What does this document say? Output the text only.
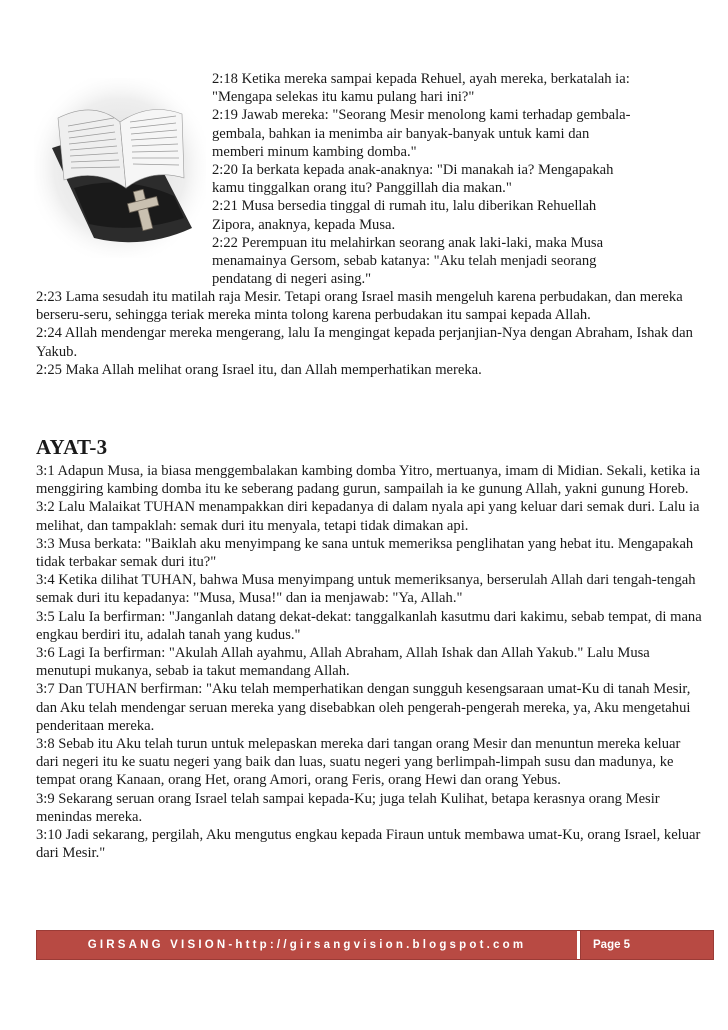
2:18 Ketika mereka sampai kepada Rehuel, ayah mereka, berkatalah ia:

"Mengapa selekas itu kamu pulang hari ini?"

2:19 Jawab mereka: "Seorang Mesir menolong kami terhadap gembala-

gembala, bahkan ia menimba air banyak-banyak untuk kami dan

memberi minum kambing domba."

2:20 Ia berkata kepada anak-anaknya: "Di manakah ia? Mengapakah

kamu tinggalkan orang itu? Panggillah dia makan."

2:21 Musa bersedia tinggal di rumah itu, lalu diberikan Rehuellah

Zipora, anaknya, kepada Musa.

2:22 Perempuan itu melahirkan seorang anak laki-laki, maka Musa

menamainya Gersom, sebab katanya: "Aku telah menjadi seorang

pendatang di negeri asing."

2:23 Lama sesudah itu matilah raja Mesir. Tetapi orang Israel masih mengeluh karena perbudakan, dan mereka berseru-seru, sehingga teriak mereka minta tolong karena perbudakan itu sampai kepada Allah.

2:24 Allah mendengar mereka mengerang, lalu Ia mengingat kepada perjanjian-Nya dengan Abraham, Ishak dan Yakub.

2:25 Maka Allah melihat orang Israel itu, dan Allah memperhatikan mereka.

AYAT-3

3:1 Adapun Musa, ia biasa menggembalakan kambing domba Yitro, mertuanya, imam di Midian. Sekali, ketika ia menggiring kambing domba itu ke seberang padang gurun, sampailah ia ke gunung Allah, yakni gunung Horeb.

3:2 Lalu Malaikat TUHAN menampakkan diri kepadanya di dalam nyala api yang keluar dari semak duri. Lalu ia melihat, dan tampaklah: semak duri itu menyala, tetapi tidak dimakan api.

3:3 Musa berkata: "Baiklah aku menyimpang ke sana untuk memeriksa penglihatan yang hebat itu. Mengapakah tidak terbakar semak duri itu?"

3:4 Ketika dilihat TUHAN, bahwa Musa menyimpang untuk memeriksanya, berserulah Allah dari tengah-tengah semak duri itu kepadanya: "Musa, Musa!" dan ia menjawab: "Ya, Allah."

3:5 Lalu Ia berfirman: "Janganlah datang dekat-dekat: tanggalkanlah kasutmu dari kakimu, sebab tempat, di mana engkau berdiri itu, adalah tanah yang kudus."

3:6 Lagi Ia berfirman: "Akulah Allah ayahmu, Allah Abraham, Allah Ishak dan Allah Yakub." Lalu Musa menutupi mukanya, sebab ia takut memandang Allah.

3:7 Dan TUHAN berfirman: "Aku telah memperhatikan dengan sungguh kesengsaraan umat-Ku di tanah Mesir, dan Aku telah mendengar seruan mereka yang disebabkan oleh pengerah-pengerah mereka, ya, Aku mengetahui penderitaan mereka.

3:8 Sebab itu Aku telah turun untuk melepaskan mereka dari tangan orang Mesir dan menuntun mereka keluar dari negeri itu ke suatu negeri yang baik dan luas, suatu negeri yang berlimpah-limpah susu dan madunya, ke tempat orang Kanaan, orang Het, orang Amori, orang Feris, orang Hewi dan orang Yebus.

3:9 Sekarang seruan orang Israel telah sampai kepada-Ku; juga telah Kulihat, betapa kerasnya orang Mesir menindas mereka.

3:10 Jadi sekarang, pergilah, Aku mengutus engkau kepada Firaun untuk membawa umat-Ku, orang Israel, keluar dari Mesir."

GIRSANG VISION-http://girsangvision.blogspot.com	Page 5
